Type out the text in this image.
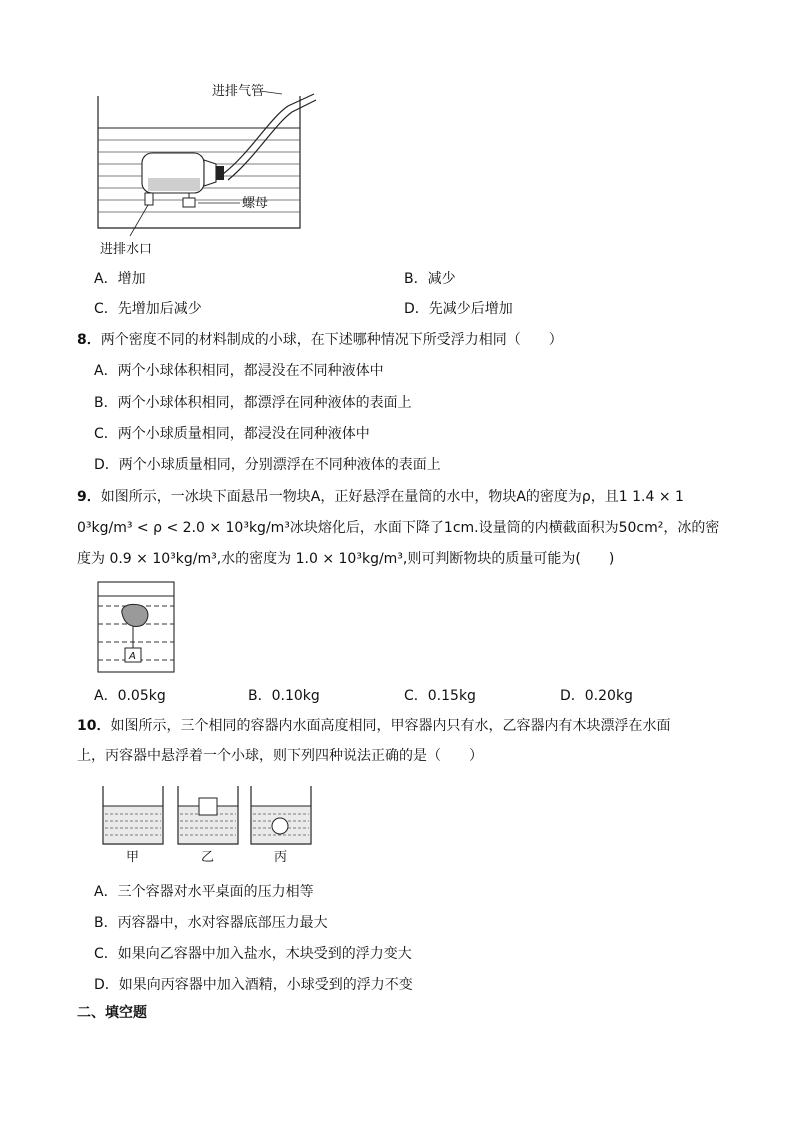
进排气管
螺母
进排水口
A．增加	B．减少
C．先增加后减少	D．先减少后增加
8．两个密度不同的材料制成的小球，在下述哪种情况下所受浮力相同（　　）
A．两个小球体积相同，都浸没在不同种液体中
B．两个小球体积相同，都漂浮在同种液体的表面上
C．两个小球质量相同，都浸没在同种液体中
D．两个小球质量相同，分别漂浮在不同种液体的表面上
9．如图所示，一冰块下面悬吊一物块A，正好悬浮在量筒的水中，物块A的密度为ρ，且1 1.4 × 1
0³kg/m³ < ρ < 2.0 × 10³kg/m³冰块熔化后，水面下降了1cm.设量筒的内横截面积为50cm²，冰的密
度为 0.9 × 10³kg/m³,水的密度为 1.0 × 10³kg/m³,则可判断物块的质量可能为(　　)
A
A．0.05kg	B．0.10kg	C．0.15kg	D．0.20kg
10．如图所示，三个相同的容器内水面高度相同，甲容器内只有水，乙容器内有木块漂浮在水面
上，丙容器中悬浮着一个小球，则下列四种说法正确的是（　　）
甲	乙	丙
A．三个容器对水平桌面的压力相等
B．丙容器中，水对容器底部压力最大
C．如果向乙容器中加入盐水，木块受到的浮力变大
D．如果向丙容器中加入酒精，小球受到的浮力不变
二、填空题
